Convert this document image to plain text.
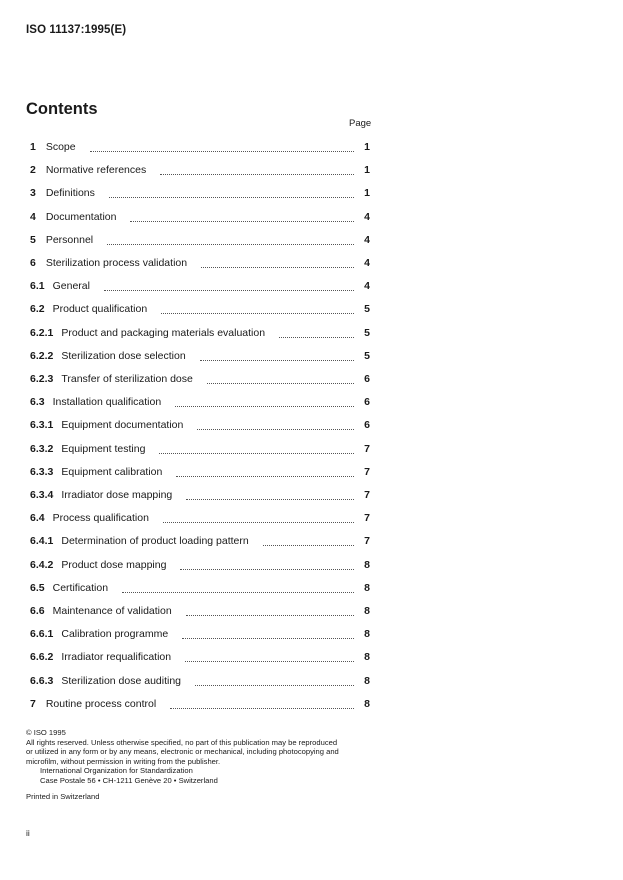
ISO 11137:1995(E)
Contents
Page
1 Scope	1
2 Normative references	1
3 Definitions	1
4 Documentation	4
5 Personnel	4
6 Sterilization process validation	4
6.1 General	4
6.2 Product qualification	5
6.2.1 Product and packaging materials evaluation	5
6.2.2 Sterilization dose selection	5
6.2.3 Transfer of sterilization dose	6
6.3 Installation qualification	6
6.3.1 Equipment documentation	6
6.3.2 Equipment testing	7
6.3.3 Equipment calibration	7
6.3.4 Irradiator dose mapping	7
6.4 Process qualification	7
6.4.1 Determination of product loading pattern	7
6.4.2 Product dose mapping	8
6.5 Certification	8
6.6 Maintenance of validation	8
6.6.1 Calibration programme	8
6.6.2 Irradiator requalification	8
6.6.3 Sterilization dose auditing	8
7 Routine process control	8
© ISO 1995
All rights reserved. Unless otherwise specified, no part of this publication may be reproduced
or utilized in any form or by any means, electronic or mechanical, including photocopying and
microfilm, without permission in writing from the publisher.
International Organization for Standardization
Case Postale 56 • CH-1211 Genève 20 • Switzerland
Printed in Switzerland
ii
